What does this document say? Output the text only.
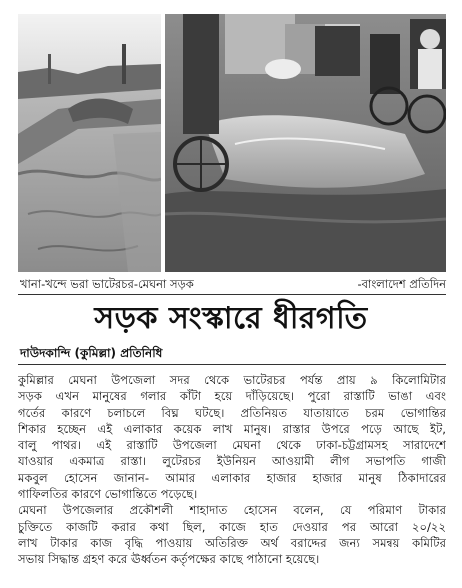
খানা-খন্দে ভরা ভাটেরচর-মেঘনা সড়ক	-বাংলাদেশ প্রতিদিন
সড়ক সংস্কারে ধীরগতি
দাউদকান্দি (কুমিল্লা) প্রতিনিধি
কুমিল্লার মেঘনা উপজেলা সদর থেকে ভাটেরচর পর্যন্ত প্রায় ৯ কিলোমিটার
সড়ক এখন মানুষের গলার কাঁটা হয়ে দাঁড়িয়েছে। পুরো রাস্তাটি ভাঙা এবং
গর্তের কারণে চলাচলে বিঘ্ন ঘটছে। প্রতিনিয়ত যাতায়াতে চরম ভোগান্তির
শিকার হচ্ছেন এই এলাকার কয়েক লাখ মানুষ। রাস্তার উপরে পড়ে আছে ইট,
বালু পাথর। এই রাস্তাটি উপজেলা মেঘনা থেকে ঢাকা-চট্টগ্রামসহ সারাদেশে
যাওয়ার একমাত্র রাস্তা। লুটেরচর ইউনিয়ন আওয়ামী লীগ সভাপতি গাজী
মকবুল হোসেন জানান- আমার এলাকার হাজার হাজার মানুষ ঠিকাদারের
গাফিলতির কারণে ভোগান্তিতে পড়েছে।
মেঘনা উপজেলার প্রকৌশলী শাহাদাত হোসেন বলেন, যে পরিমাণ টাকার
চুক্তিতে কাজটি করার কথা ছিল, কাজে হাত দেওয়ার পর আরো ২০/২২
লাখ টাকার কাজ বৃদ্ধি পাওয়ায় অতিরিক্ত অর্থ বরাদ্দের জন্য সমন্বয় কমিটির
সভায় সিদ্ধান্ত গ্রহণ করে ঊর্ধ্বতন কর্তৃপক্ষের কাছে পাঠানো হয়েছে।
